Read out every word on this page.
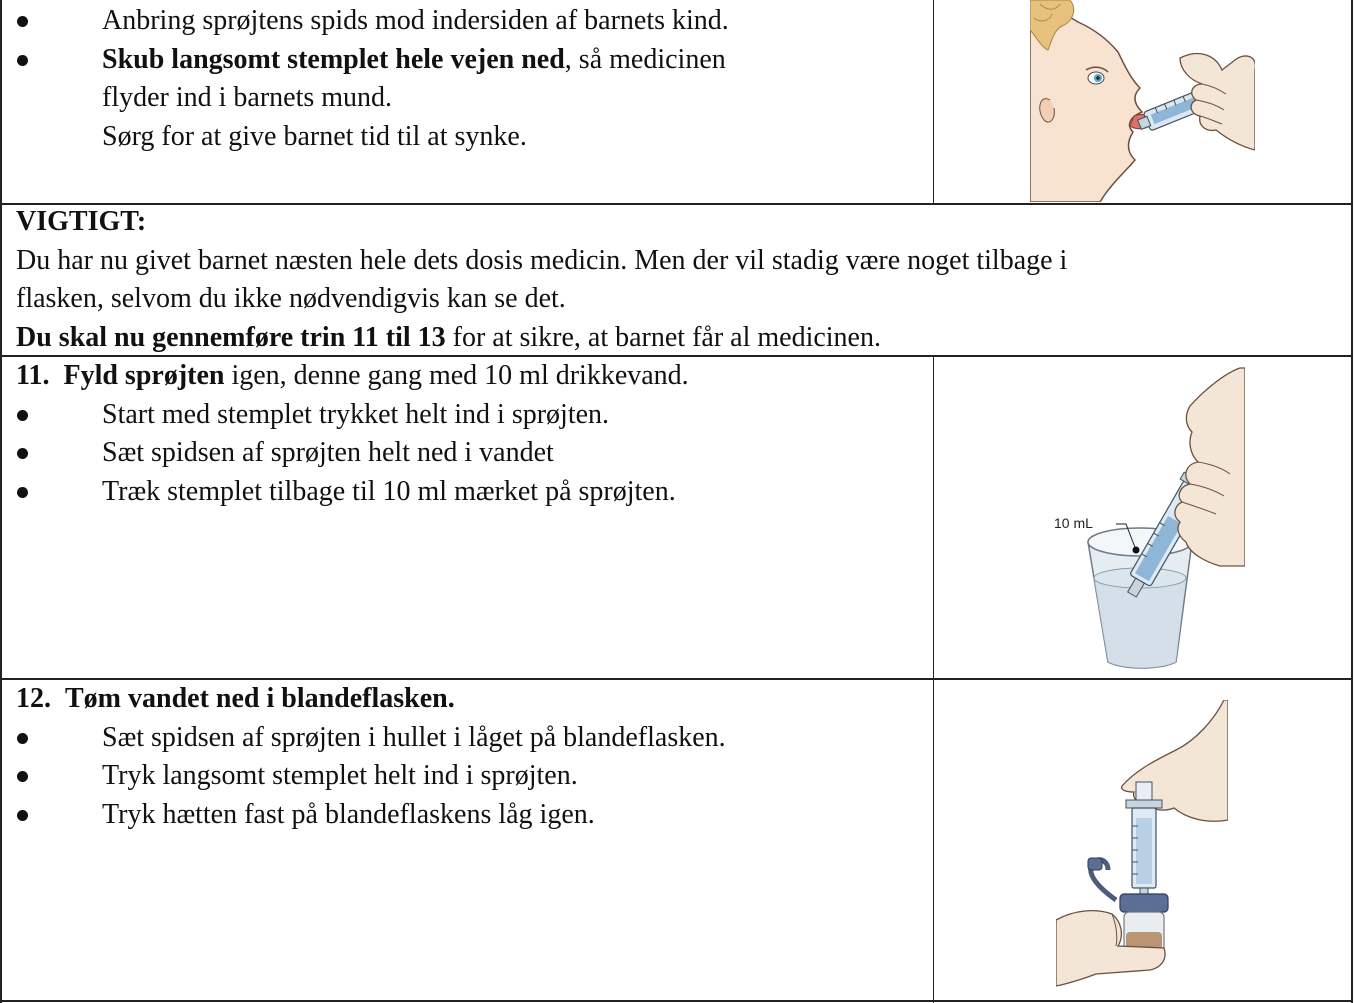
Anbring sprøjtens spids mod indersiden af barnets kind.
Skub langsomt stemplet hele vejen ned, så medicinen
flyder ind i barnets mund.
Sørg for at give barnet tid til at synke.
VIGTIGT:
Du har nu givet barnet næsten hele dets dosis medicin. Men der vil stadig være noget tilbage i
flasken, selvom du ikke nødvendigvis kan se det.
Du skal nu gennemføre trin 11 til 13 for at sikre, at barnet får al medicinen.
11. Fyld sprøjten igen, denne gang med 10 ml drikkevand.
Start med stemplet trykket helt ind i sprøjten.
Sæt spidsen af sprøjten helt ned i vandet
Træk stemplet tilbage til 10 ml mærket på sprøjten.
10 mL
12. Tøm vandet ned i blandeflasken.
Sæt spidsen af sprøjten i hullet i låget på blandeflasken.
Tryk langsomt stemplet helt ind i sprøjten.
Tryk hætten fast på blandeflaskens låg igen.
